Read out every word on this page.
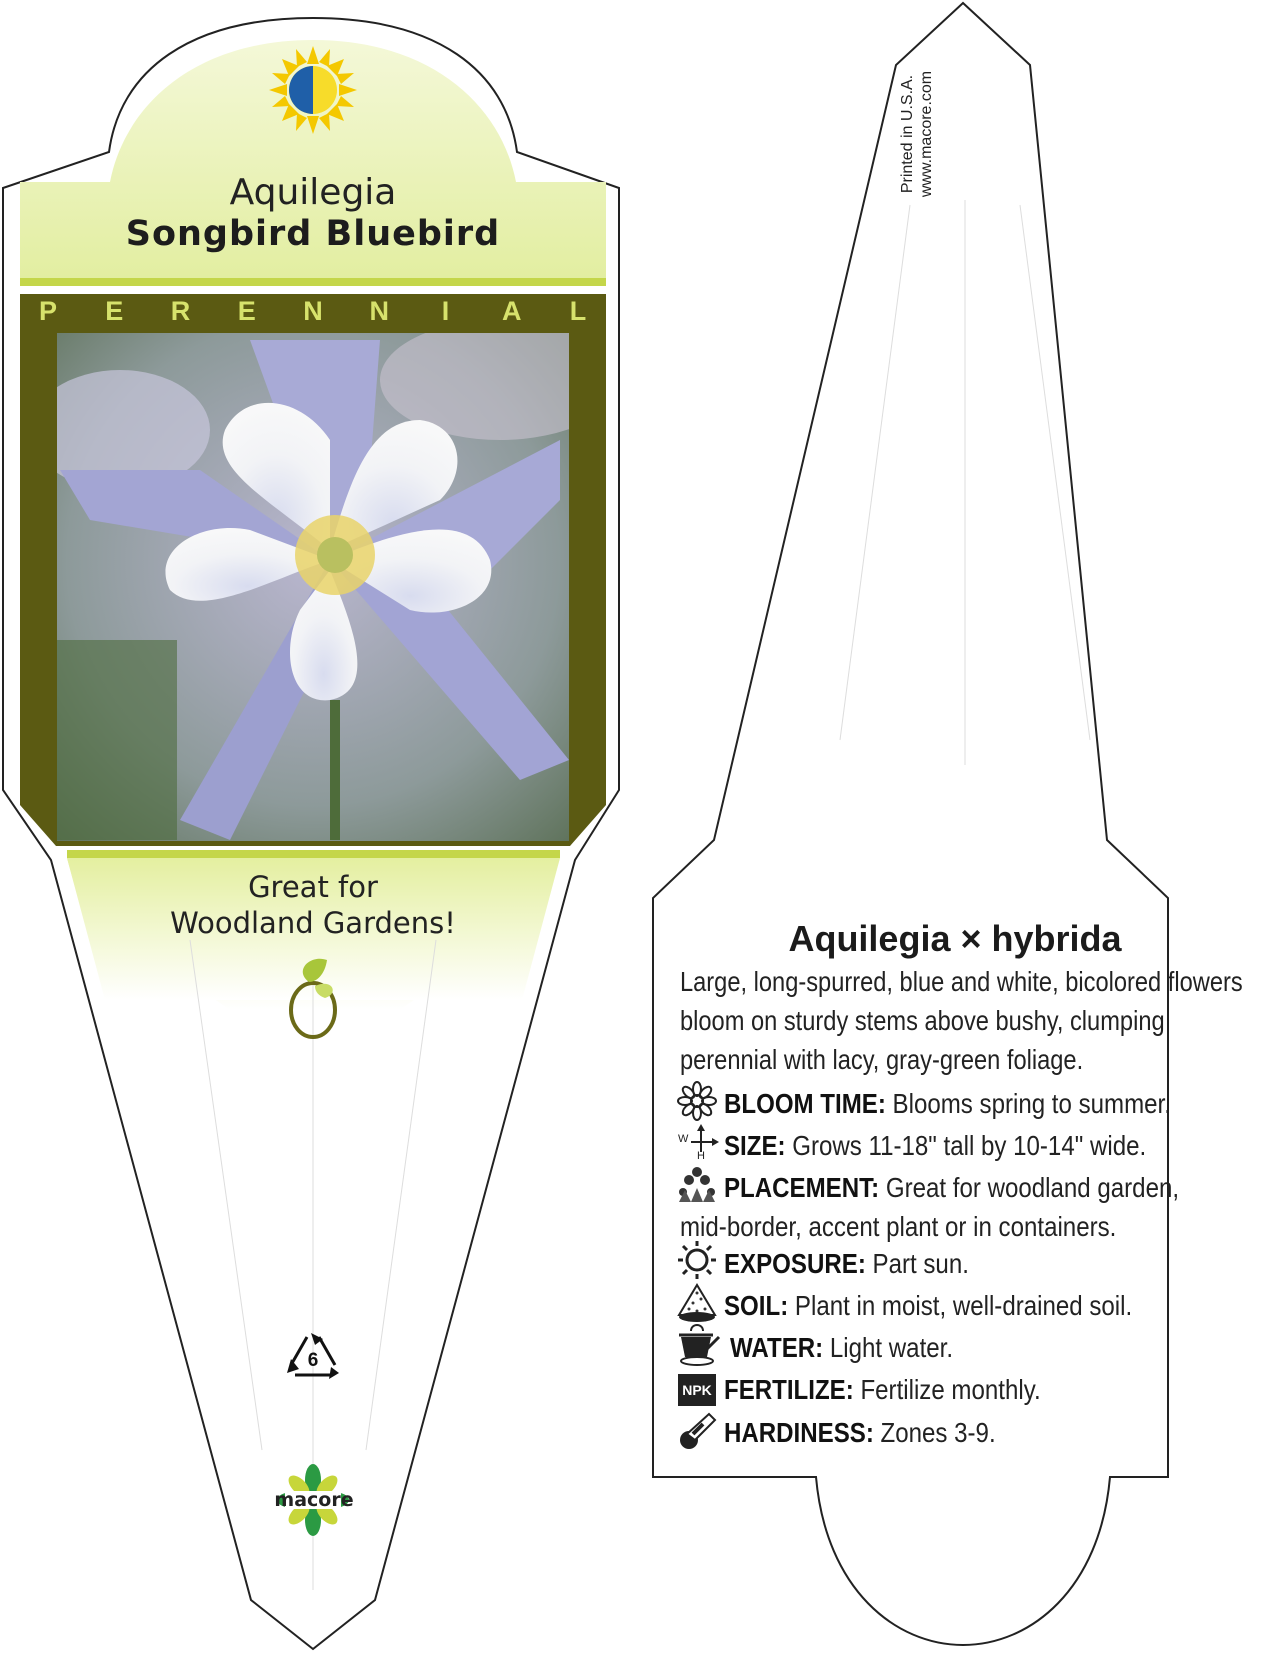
Aquilegia
Songbird Bluebird
P E R E N N I A L
Great for
Woodland Gardens!
6
macore
Printed in U.S.A. www.macore.com
Aquilegia × hybrida
Large, long-spurred, blue and white, bicolored flowers
bloom on sturdy stems above bushy, clumping
perennial with lacy, gray-green foliage.
BLOOM TIME: Blooms spring to summer.
W
H SIZE: Grows 11-18" tall by 10-14" wide.
PLACEMENT: Great for woodland garden,
mid-border, accent plant or in containers.
EXPOSURE: Part sun.
SOIL: Plant in moist, well-drained soil.
WATER: Light water.
NPK FERTILIZE: Fertilize monthly.
HARDINESS: Zones 3-9.
